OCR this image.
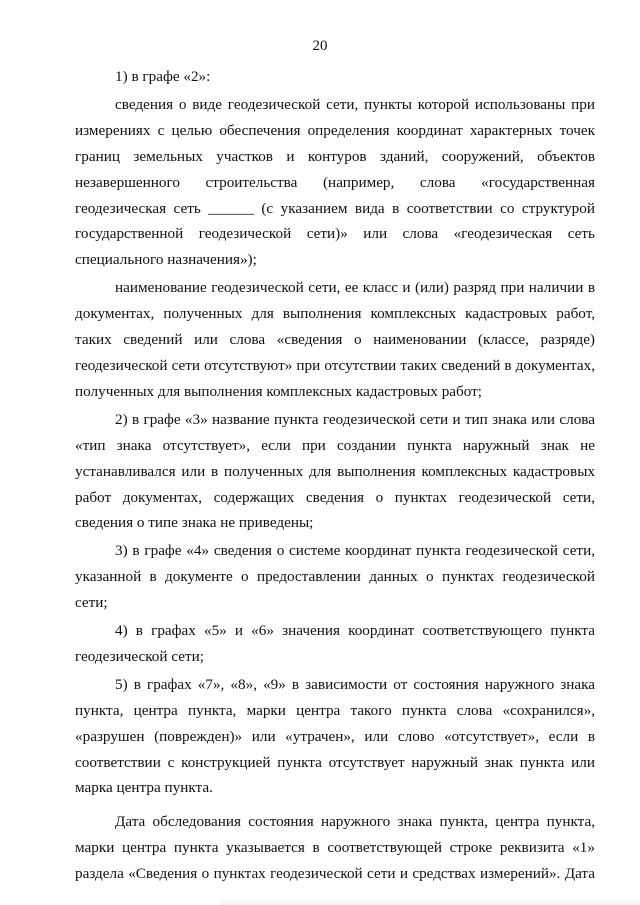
20

1) в графе «2»:

сведения о виде геодезической сети, пункты которой использованы при измерениях с целью обеспечения определения координат характерных точек границ земельных участков и контуров зданий, сооружений, объектов незавершенного строительства (например, слова «государственная геодезическая сеть ______ (с указанием вида в соответствии со структурой государственной геодезической сети)» или слова «геодезическая сеть специального назначения»);

наименование геодезической сети, ее класс и (или) разряд при наличии в документах, полученных для выполнения комплексных кадастровых работ, таких сведений или слова «сведения о наименовании (классе, разряде) геодезической сети отсутствуют» при отсутствии таких сведений в документах, полученных для выполнения комплексных кадастровых работ;

2) в графе «3» название пункта геодезической сети и тип знака или слова «тип знака отсутствует», если при создании пункта наружный знак не устанавливался или в полученных для выполнения комплексных кадастровых работ документах, содержащих сведения о пунктах геодезической сети, сведения о типе знака не приведены;

3) в графе «4» сведения о системе координат пункта геодезической сети, указанной в документе о предоставлении данных о пунктах геодезической сети;

4) в графах «5» и «6» значения координат соответствующего пункта геодезической сети;

5) в графах «7», «8», «9» в зависимости от состояния наружного знака пункта, центра пункта, марки центра такого пункта слова «сохранился», «разрушен (поврежден)» или «утрачен», или слово «отсутствует», если в соответствии с конструкцией пункта отсутствует наружный знак пункта или марка центра пункта.

Дата обследования состояния наружного знака пункта, центра пункта, марки центра пункта указывается в соответствующей строке реквизита «1» раздела «Сведения о пунктах геодезической сети и средствах измерений». Дата
